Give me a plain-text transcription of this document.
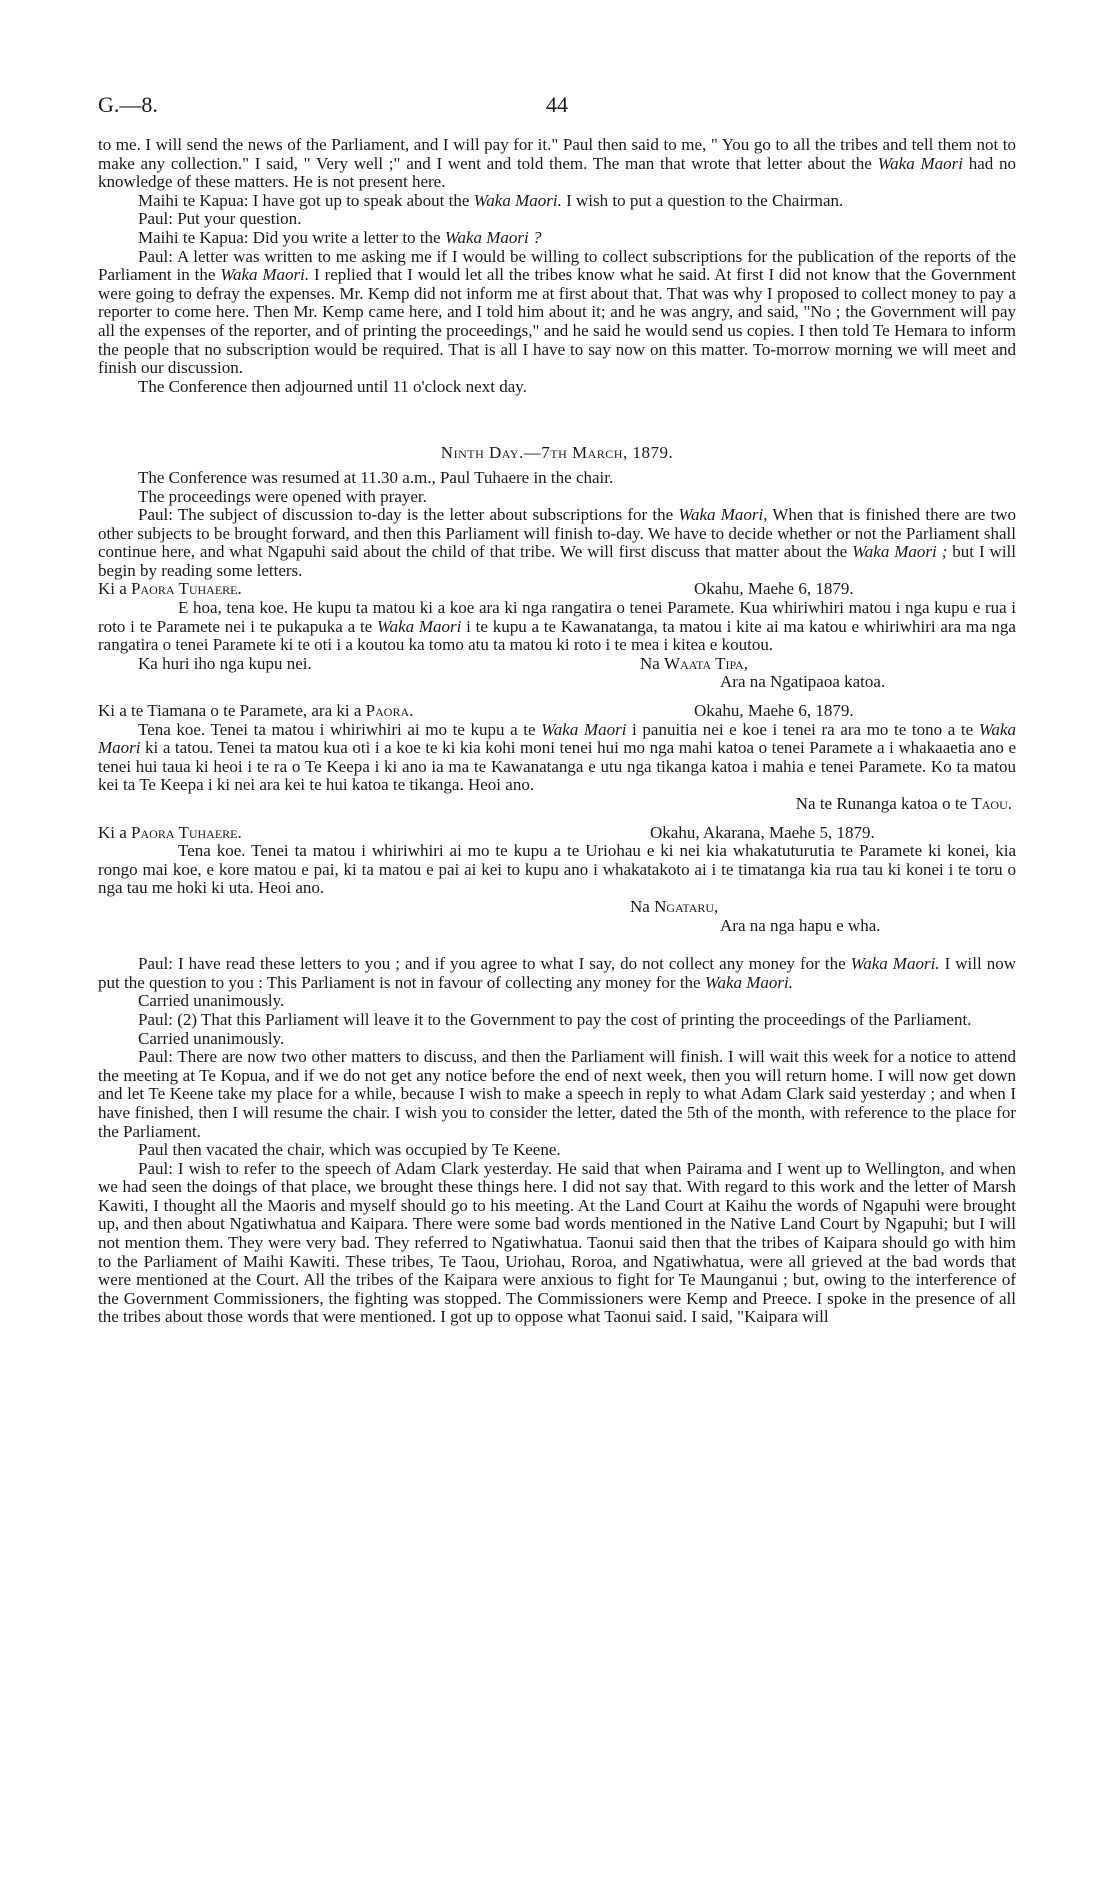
G.—8.	44

to me. I will send the news of the Parliament, and I will pay for it." Paul then said to me, " You go to all the tribes and tell them not to make any collection." I said, " Very well ;" and I went and told them. The man that wrote that letter about the Waka Maori had no knowledge of these matters. He is not present here.

Maihi te Kapua: I have got up to speak about the Waka Maori. I wish to put a question to the Chairman.

Paul: Put your question.

Maihi te Kapua: Did you write a letter to the Waka Maori ?

Paul: A letter was written to me asking me if I would be willing to collect subscriptions for the publication of the reports of the Parliament in the Waka Maori. I replied that I would let all the tribes know what he said. At first I did not know that the Government were going to defray the expenses. Mr. Kemp did not inform me at first about that. That was why I proposed to collect money to pay a reporter to come here. Then Mr. Kemp came here, and I told him about it; and he was angry, and said, "No ; the Government will pay all the expenses of the reporter, and of printing the proceedings," and he said he would send us copies. I then told Te Hemara to inform the people that no subscription would be required. That is all I have to say now on this matter. To-morrow morning we will meet and finish our discussion.

The Conference then adjourned until 11 o'clock next day.

Ninth Day.—7th March, 1879.

The Conference was resumed at 11.30 a.m., Paul Tuhaere in the chair.

The proceedings were opened with prayer.

Paul: The subject of discussion to-day is the letter about subscriptions for the Waka Maori, When that is finished there are two other subjects to be brought forward, and then this Parliament will finish to-day. We have to decide whether or not the Parliament shall continue here, and what Ngapuhi said about the child of that tribe. We will first discuss that matter about the Waka Maori ; but I will begin by reading some letters.

Ki a Paora Tuhaere.	Okahu, Maehe 6, 1879.

E hoa, tena koe. He kupu ta matou ki a koe ara ki nga rangatira o tenei Paramete. Kua whiriwhiri matou i nga kupu e rua i roto i te Paramete nei i te pukapuka a te Waka Maori i te kupu a te Kawanatanga, ta matou i kite ai ma katou e whiriwhiri ara ma nga rangatira o tenei Paramete ki te oti i a koutou ka tomo atu ta matou ki roto i te mea i kitea e koutou.

Ka huri iho nga kupu nei.	Na Waata Tipa,

Ara na Ngatipaoa katoa.

Ki a te Tiamana o te Paramete, ara ki a Paora.	Okahu, Maehe 6, 1879.

Tena koe. Tenei ta matou i whiriwhiri ai mo te kupu a te Waka Maori i panuitia nei e koe i tenei ra ara mo te tono a te Waka Maori ki a tatou. Tenei ta matou kua oti i a koe te ki kia kohi moni tenei hui mo nga mahi katoa o tenei Paramete a i whakaaetia ano e tenei hui taua ki heoi i te ra o Te Keepa i ki ano ia ma te Kawanatanga e utu nga tikanga katoa i mahia e tenei Paramete. Ko ta matou kei ta Te Keepa i ki nei ara kei te hui katoa te tikanga. Heoi ano.

Na te Runanga katoa o te Taou.

Ki a Paora Tuhaere.	Okahu, Akarana, Maehe 5, 1879.

Tena koe. Tenei ta matou i whiriwhiri ai mo te kupu a te Uriohau e ki nei kia whakatuturutia te Paramete ki konei, kia rongo mai koe, e kore matou e pai, ki ta matou e pai ai kei to kupu ano i whakatakoto ai i te timatanga kia rua tau ki konei i te toru o nga tau me hoki ki uta. Heoi ano.

Na Ngataru,

Ara na nga hapu e wha.

Paul: I have read these letters to you ; and if you agree to what I say, do not collect any money for the Waka Maori. I will now put the question to you : This Parliament is not in favour of collecting any money for the Waka Maori.

Carried unanimously.

Paul: (2) That this Parliament will leave it to the Government to pay the cost of printing the proceedings of the Parliament.

Carried unanimously.

Paul: There are now two other matters to discuss, and then the Parliament will finish. I will wait this week for a notice to attend the meeting at Te Kopua, and if we do not get any notice before the end of next week, then you will return home. I will now get down and let Te Keene take my place for a while, because I wish to make a speech in reply to what Adam Clark said yesterday ; and when I have finished, then I will resume the chair. I wish you to consider the letter, dated the 5th of the month, with reference to the place for the Parliament.

Paul then vacated the chair, which was occupied by Te Keene.

Paul: I wish to refer to the speech of Adam Clark yesterday. He said that when Pairama and I went up to Wellington, and when we had seen the doings of that place, we brought these things here. I did not say that. With regard to this work and the letter of Marsh Kawiti, I thought all the Maoris and myself should go to his meeting. At the Land Court at Kaihu the words of Ngapuhi were brought up, and then about Ngatiwhatua and Kaipara. There were some bad words mentioned in the Native Land Court by Ngapuhi; but I will not mention them. They were very bad. They referred to Ngatiwhatua. Taonui said then that the tribes of Kaipara should go with him to the Parliament of Maihi Kawiti. These tribes, Te Taou, Uriohau, Roroa, and Ngatiwhatua, were all grieved at the bad words that were mentioned at the Court. All the tribes of the Kaipara were anxious to fight for Te Maunganui ; but, owing to the interference of the Government Commissioners, the fighting was stopped. The Commissioners were Kemp and Preece. I spoke in the presence of all the tribes about those words that were mentioned. I got up to oppose what Taonui said. I said, "Kaipara will
